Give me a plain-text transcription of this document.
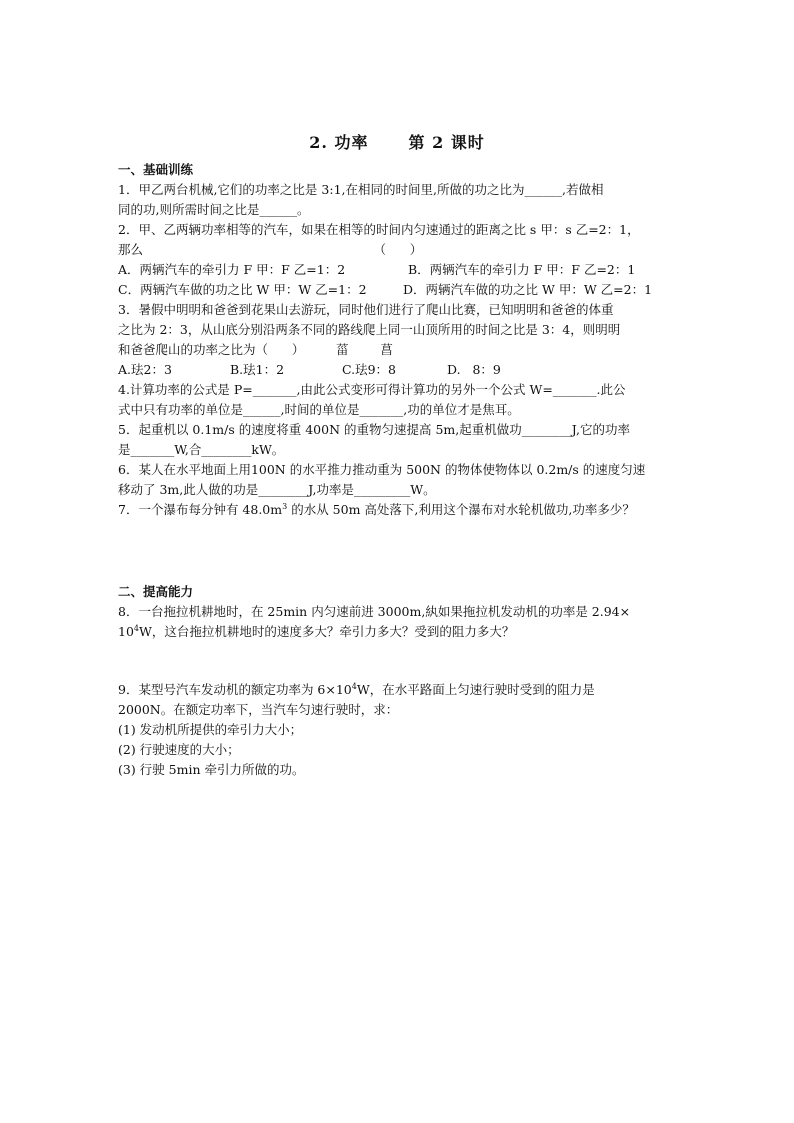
2. 功率	第 2 课时
一、基础训练
1．甲乙两台机械,它们的功率之比是 3:1,在相同的时间里,所做的功之比为______,若做相
同的功,则所需时间之比是______。
2．甲、乙两辆功率相等的汽车，如果在相等的时间内匀速通过的距离之比 s 甲：s 乙=2：1，
那么                                                          （      ）
A．两辆汽车的牵引力 F 甲：F 乙=1：2	B．两辆汽车的牵引力 F 甲：F 乙=2：1
C．两辆汽车做的功之比 W 甲：W 乙=1：2	D．两辆汽车做的功之比 W 甲：W 乙=2：1
3．暑假中明明和爸爸到花果山去游玩，同时他们进行了爬山比赛，已知明明和爸爸的体重
之比为 2：3，从山底分别沿两条不同的路线爬上同一山顶所用的时间之比是 3：4，则明明
和爸爸爬山的功率之比为（      ）        菑        菖
A.珐2：3	B.珐1：2	C.珐9：8	D.   8：9
4.计算功率的公式是 P=_______,由此公式变形可得计算功的另外一个公式 W=_______.此公
式中只有功率的单位是______,时间的单位是_______,功的单位才是焦耳。
5．起重机以 0.1m/s 的速度将重 400N 的重物匀速提高 5m,起重机做功________J,它的功率
是_______W,合________kW。
6．某人在水平地面上用100N 的水平推力推动重为 500N 的物体使物体以 0.2m/s 的速度匀速
移动了 3m,此人做的功是________J,功率是_________W。
7．一个瀑布每分钟有 $48.0m^3$ 的水从 50m 高处落下,利用这个瀑布对水轮机做功,功率多少？
二、提高能力
8．一台拖拉机耕地时，在 25min 内匀速前进 3000m,紈如果拖拉机发动机的功率是 2.94×
$10^4W$，这台拖拉机耕地时的速度多大？牵引力多大？受到的阻力多大？
9．某型号汽车发动机的额定功率为 $6\times 10^4W$，在水平路面上匀速行驶时受到的阻力是
2000N。在额定功率下，当汽车匀速行驶时，求：
(1) 发动机所提供的牵引力大小；
(2) 行驶速度的大小；
(3) 行驶 5min 牵引力所做的功。
